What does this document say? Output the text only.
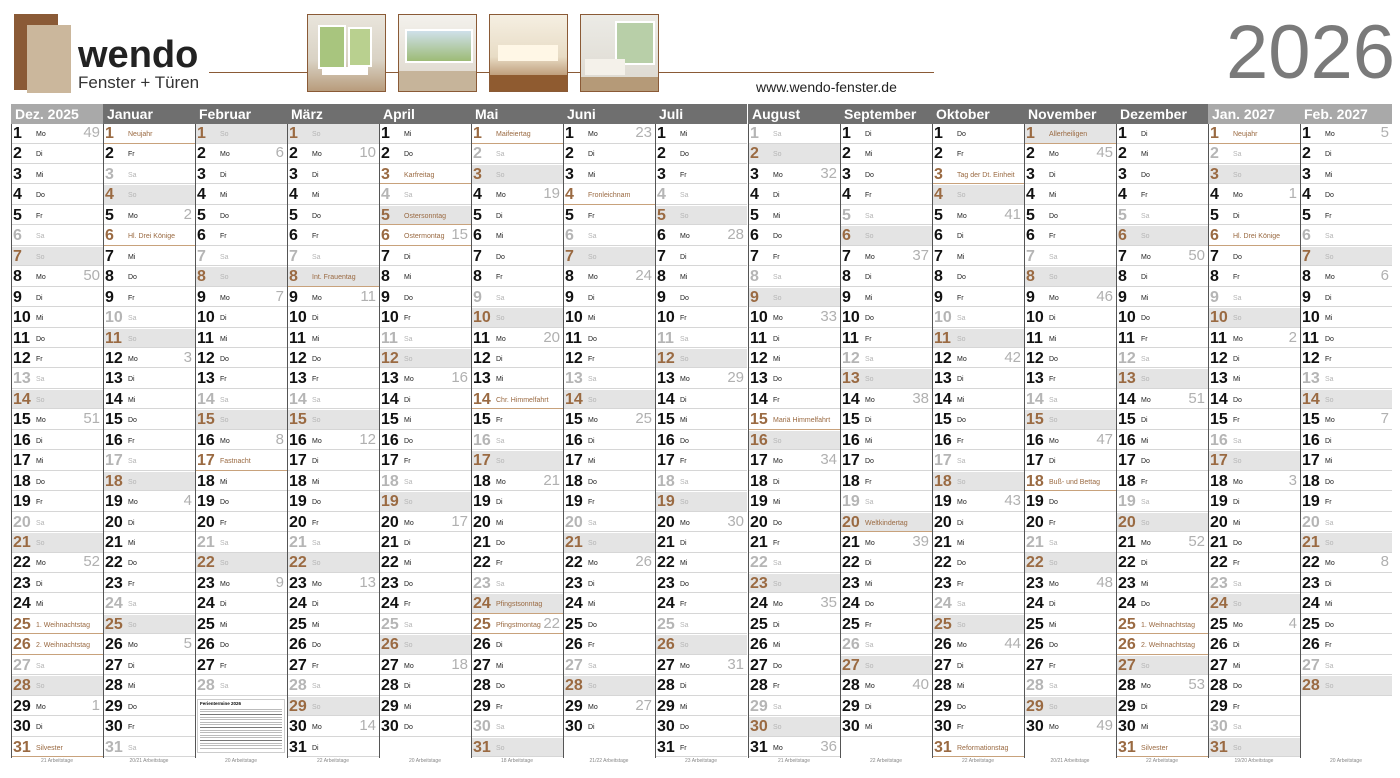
wendo
Fenster + Türen	www.wendo-fenster.de	2026
Dez. 2025
1 Mo	49
2 Di
3 Mi
4 Do
5 Fr
6 Sa
7 So
8 Mo	50
9 Di
10 Mi
11 Do
12 Fr
13 Sa
14 So
15 Mo	51
16 Di
17 Mi
18 Do
19 Fr
20 Sa
21 So
22 Mo	52
23 Di
24 Mi
25 1. Weihnachtstag
26 2. Weihnachtstag
27 Sa
28 So
29 Mo	1
30 Di
31 Silvester
21 Arbeitstage
Januar
1 Neujahr
2 Fr
3 Sa
4 So
5 Mo	2
6 Hl. Drei Könige
7 Mi
8 Do
9 Fr
10 Sa
11 So
12 Mo	3
13 Di
14 Mi
15 Do
16 Fr
17 Sa
18 So
19 Mo	4
20 Di
21 Mi
22 Do
23 Fr
24 Sa
25 So
26 Mo	5
27 Di
28 Mi
29 Do
30 Fr
31 Sa
20/21 Arbeitstage
Februar
1 So
2 Mo	6
3 Di
4 Mi
5 Do
6 Fr
7 Sa
8 So
9 Mo	7
10 Di
11 Mi
12 Do
13 Fr
14 Sa
15 So
16 Mo	8
17 Fastnacht
18 Mi
19 Do
20 Fr
21 Sa
22 So
23 Mo	9
24 Di
25 Mi
26 Do
27 Fr
28 Sa
Ferientermine 2026
20 Arbeitstage
März
1 So
2 Mo	10
3 Di
4 Mi
5 Do
6 Fr
7 Sa
8 Int. Frauentag
9 Mo	11
10 Di
11 Mi
12 Do
13 Fr
14 Sa
15 So
16 Mo	12
17 Di
18 Mi
19 Do
20 Fr
21 Sa
22 So
23 Mo	13
24 Di
25 Mi
26 Do
27 Fr
28 Sa
29 So
30 Mo	14
31 Di
22 Arbeitstage
April
1 Mi
2 Do
3 Karfreitag
4 Sa
5 Ostersonntag
6 Ostermontag 15
7 Di
8 Mi
9 Do
10 Fr
11 Sa
12 So
13 Mo	16
14 Di
15 Mi
16 Do
17 Fr
18 Sa
19 So
20 Mo	17
21 Di
22 Mi
23 Do
24 Fr
25 Sa
26 So
27 Mo	18
28 Di
29 Mi
30 Do
20 Arbeitstage
Mai
1 Maifeiertag
2 Sa
3 So
4 Mo	19
5 Di
6 Mi
7 Do
8 Fr
9 Sa
10 So
11 Mo	20
12 Di
13 Mi
14 Chr. Himmelfahrt
15 Fr
16 Sa
17 So
18 Mo	21
19 Di
20 Mi
21 Do
22 Fr
23 Sa
24 Pfingstsonntag
25 Pfingstmontag 22
26 Di
27 Mi
28 Do
29 Fr
30 Sa
31 So
18 Arbeitstage
Juni
1 Mo	23
2 Di
3 Mi
4 Fronleichnam
5 Fr
6 Sa
7 So
8 Mo	24
9 Di
10 Mi
11 Do
12 Fr
13 Sa
14 So
15 Mo	25
16 Di
17 Mi
18 Do
19 Fr
20 Sa
21 So
22 Mo	26
23 Di
24 Mi
25 Do
26 Fr
27 Sa
28 So
29 Mo	27
30 Di
21/22 Arbeitstage
Juli
1 Mi
2 Do
3 Fr
4 Sa
5 So
6 Mo	28
7 Di
8 Mi
9 Do
10 Fr
11 Sa
12 So
13 Mo	29
14 Di
15 Mi
16 Do
17 Fr
18 Sa
19 So
20 Mo	30
21 Di
22 Mi
23 Do
24 Fr
25 Sa
26 So
27 Mo	31
28 Di
29 Mi
30 Do
31 Fr
23 Arbeitstage
August
1 Sa
2 So
3 Mo	32
4 Di
5 Mi
6 Do
7 Fr
8 Sa
9 So
10 Mo	33
11 Di
12 Mi
13 Do
14 Fr
15 Mariä Himmelfahrt
16 So
17 Mo	34
18 Di
19 Mi
20 Do
21 Fr
22 Sa
23 So
24 Mo	35
25 Di
26 Mi
27 Do
28 Fr
29 Sa
30 So
31 Mo	36
21 Arbeitstage
September
1 Di
2 Mi
3 Do
4 Fr
5 Sa
6 So
7 Mo	37
8 Di
9 Mi
10 Do
11 Fr
12 Sa
13 So
14 Mo	38
15 Di
16 Mi
17 Do
18 Fr
19 Sa
20 Weltkindertag
21 Mo	39
22 Di
23 Mi
24 Do
25 Fr
26 Sa
27 So
28 Mo	40
29 Di
30 Mi
22 Arbeitstage
Oktober
1 Do
2 Fr
3 Tag der Dt. Einheit
4 So
5 Mo	41
6 Di
7 Mi
8 Do
9 Fr
10 Sa
11 So
12 Mo	42
13 Di
14 Mi
15 Do
16 Fr
17 Sa
18 So
19 Mo	43
20 Di
21 Mi
22 Do
23 Fr
24 Sa
25 So
26 Mo	44
27 Di
28 Mi
29 Do
30 Fr
31 Reformationstag
22 Arbeitstage
November
1 Allerheiligen
2 Mo	45
3 Di
4 Mi
5 Do
6 Fr
7 Sa
8 So
9 Mo	46
10 Di
11 Mi
12 Do
13 Fr
14 Sa
15 So
16 Mo	47
17 Di
18 Buß- und Bettag
19 Do
20 Fr
21 Sa
22 So
23 Mo	48
24 Di
25 Mi
26 Do
27 Fr
28 Sa
29 So
30 Mo	49
20/21 Arbeitstage
Dezember
1 Di
2 Mi
3 Do
4 Fr
5 Sa
6 So
7 Mo	50
8 Di
9 Mi
10 Do
11 Fr
12 Sa
13 So
14 Mo	51
15 Di
16 Mi
17 Do
18 Fr
19 Sa
20 So
21 Mo	52
22 Di
23 Mi
24 Do
25 1. Weihnachtstag
26 2. Weihnachtstag
27 So
28 Mo	53
29 Di
30 Mi
31 Silvester
22 Arbeitstage
Jan. 2027
1 Neujahr
2 Sa
3 So
4 Mo	1
5 Di
6 Hl. Drei Könige
7 Do
8 Fr
9 Sa
10 So
11 Mo	2
12 Di
13 Mi
14 Do
15 Fr
16 Sa
17 So
18 Mo	3
19 Di
20 Mi
21 Do
22 Fr
23 Sa
24 So
25 Mo	4
26 Di
27 Mi
28 Do
29 Fr
30 Sa
31 So
19/20 Arbeitstage
Feb. 2027
1 Mo	5
2 Di
3 Mi
4 Do
5 Fr
6 Sa
7 So
8 Mo	6
9 Di
10 Mi
11 Do
12 Fr
13 Sa
14 So
15 Mo	7
16 Di
17 Mi
18 Do
19 Fr
20 Sa
21 So
22 Mo	8
23 Di
24 Mi
25 Do
26 Fr
27 Sa
28 So
20 Arbeitstage
